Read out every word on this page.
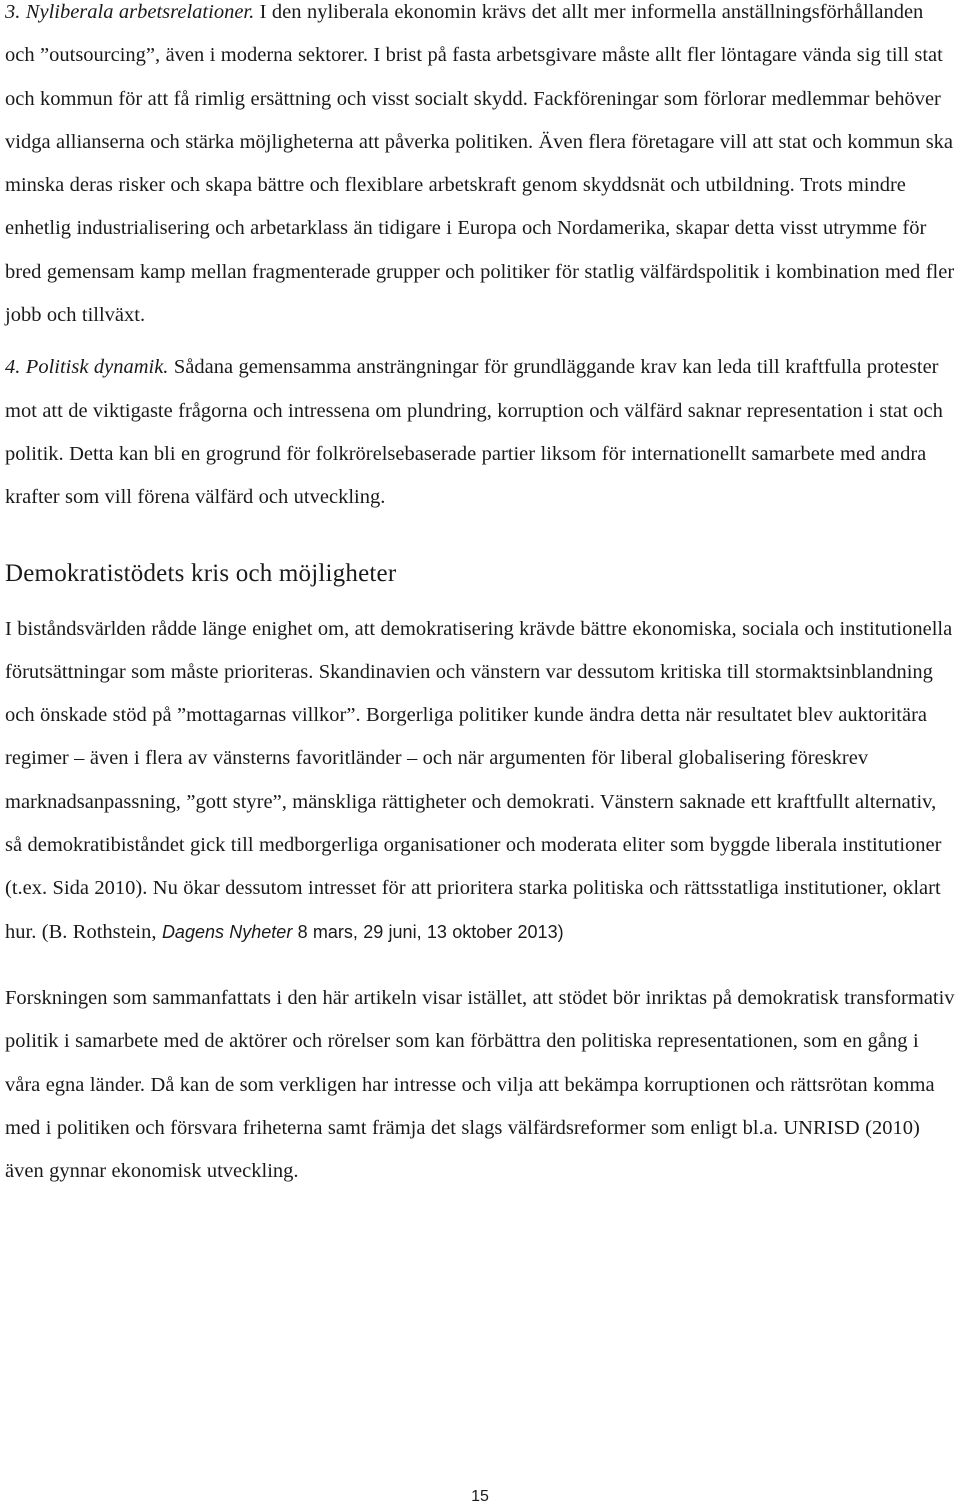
3. Nyliberala arbetsrelationer. I den nyliberala ekonomin krävs det allt mer informella anställningsförhållanden och ”outsourcing”, även i moderna sektorer. I brist på fasta arbetsgivare måste allt fler löntagare vända sig till stat och kommun för att få rimlig ersättning och visst socialt skydd. Fackföreningar som förlorar medlemmar behöver vidga allianserna och stärka möjligheterna att påverka politiken. Även flera företagare vill att stat och kommun ska minska deras risker och skapa bättre och flexiblare arbetskraft genom skyddsnät och utbildning. Trots mindre enhetlig industrialisering och arbetarklass än tidigare i Europa och Nordamerika, skapar detta visst utrymme för bred gemensam kamp mellan fragmenterade grupper och politiker för statlig välfärdspolitik i kombination med fler jobb och tillväxt.

4. Politisk dynamik. Sådana gemensamma ansträngningar för grundläggande krav kan leda till kraftfulla protester mot att de viktigaste frågorna och intressena om plundring, korruption och välfärd saknar representation i stat och politik. Detta kan bli en grogrund för folkrörelsebaserade partier liksom för internationellt samarbete med andra krafter som vill förena välfärd och utveckling.

Demokratistödets kris och möjligheter

I biståndsvärlden rådde länge enighet om, att demokratisering krävde bättre ekonomiska, sociala och institutionella förutsättningar som måste prioriteras. Skandinavien och vänstern var dessutom kritiska till stormaktsinblandning och önskade stöd på ”mottagarnas villkor”. Borgerliga politiker kunde ändra detta när resultatet blev auktoritära regimer – även i flera av vänsterns favoritländer – och när argumenten för liberal globalisering föreskrev marknadsanpassning, ”gott styre”, mänskliga rättigheter och demokrati. Vänstern saknade ett kraftfullt alternativ, så demokratibiståndet gick till medborgerliga organisationer och moderata eliter som byggde liberala institutioner (t.ex. Sida 2010). Nu ökar dessutom intresset för att prioritera starka politiska och rättsstatliga institutioner, oklart hur. (B. Rothstein, Dagens Nyheter 8 mars, 29 juni, 13 oktober 2013)

Forskningen som sammanfattats i den här artikeln visar istället, att stödet bör inriktas på demokratisk transformativ politik i samarbete med de aktörer och rörelser som kan förbättra den politiska representationen, som en gång i våra egna länder. Då kan de som verkligen har intresse och vilja att bekämpa korruptionen och rättsrötan komma med i politiken och försvara friheterna samt främja det slags välfärdsreformer som enligt bl.a. UNRISD (2010) även gynnar ekonomisk utveckling.

15
